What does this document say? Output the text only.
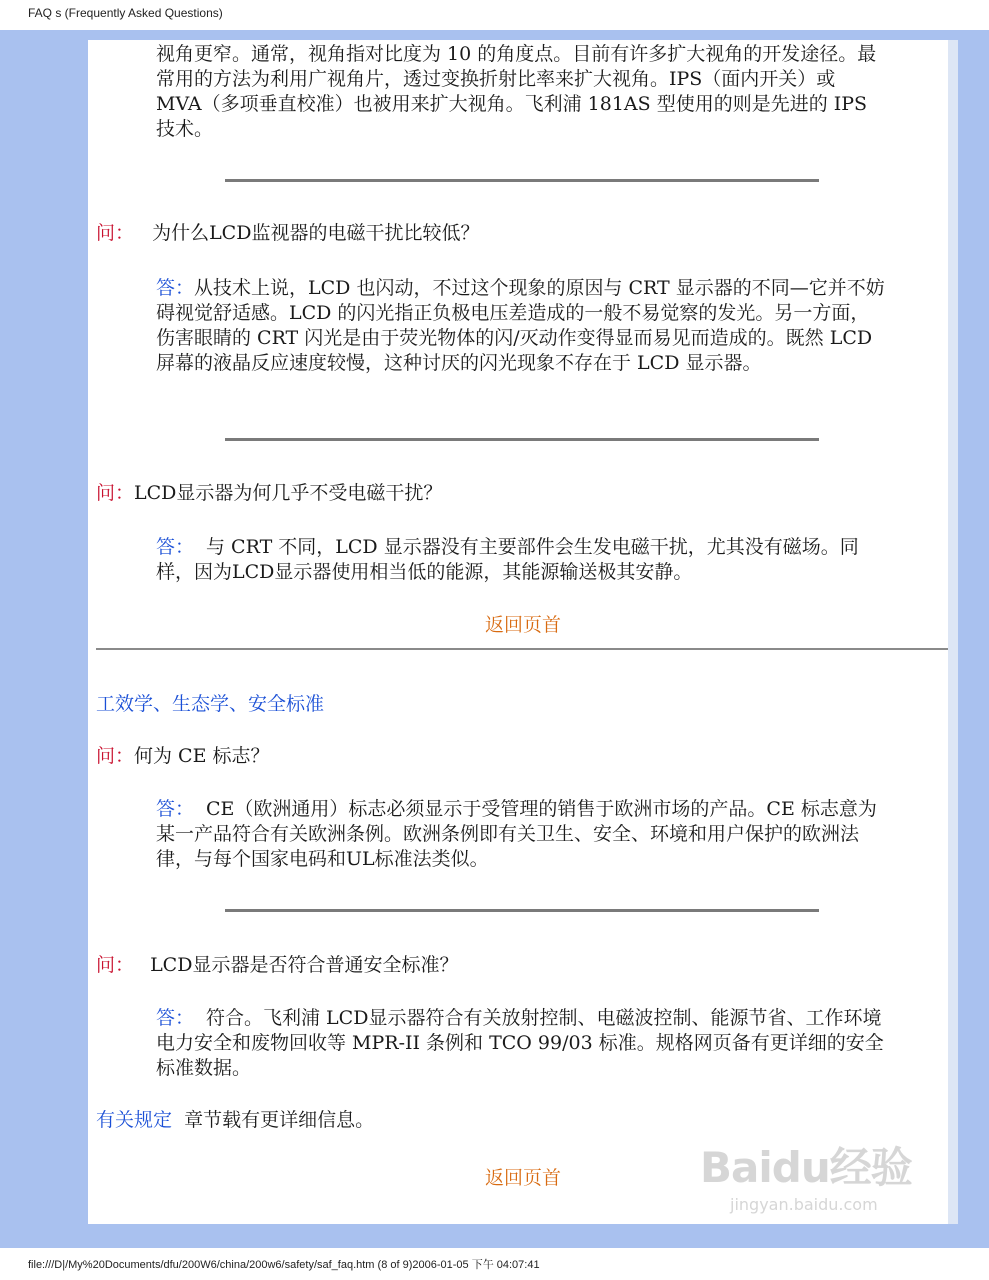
FAQ s (Frequently Asked Questions)
视角更窄。通常，视角指对比度为 10 的角度点。目前有许多扩大视角的开发途径。最常用的方法为利用广视角片，透过变换折射比率来扩大视角。IPS（面内开关）或 MVA（多项垂直校准）也被用来扩大视角。飞利浦 181AS 型使用的则是先进的 IPS 技术。
问： 为什么LCD监视器的电磁干扰比较低？
答：从技术上说，LCD 也闪动，不过这个现象的原因与 CRT 显示器的不同—它并不妨碍视觉舒适感。LCD 的闪光指正负极电压差造成的一般不易觉察的发光。另一方面，伤害眼睛的 CRT 闪光是由于荧光物体的闪/灭动作变得显而易见而造成的。既然 LCD 屏幕的液晶反应速度较慢，这种讨厌的闪光现象不存在于 LCD 显示器。
问：LCD显示器为何几乎不受电磁干扰？
答： 与 CRT 不同，LCD 显示器没有主要部件会生发电磁干扰，尤其没有磁场。同样，因为LCD显示器使用相当低的能源，其能源输送极其安静。
返回页首
工效学、生态学、安全标准
问：何为 CE 标志？
答： CE（欧洲通用）标志必须显示于受管理的销售于欧洲市场的产品。CE 标志意为某一产品符合有关欧洲条例。欧洲条例即有关卫生、安全、环境和用户保护的欧洲法律，与每个国家电码和UL标准法类似。
问： LCD显示器是否符合普通安全标准？
答： 符合。飞利浦 LCD显示器符合有关放射控制、电磁波控制、能源节省、工作环境电力安全和废物回收等 MPR-II 条例和 TCO 99/03 标准。规格网页备有更详细的安全标准数据。
有关规定 章节载有更详细信息。
返回页首	Baidu经验
jingyan.baidu.com
file:///D|/My%20Documents/dfu/200W6/china/200w6/safety/saf_faq.htm (8 of 9)2006-01-05 下午 04:07:41
